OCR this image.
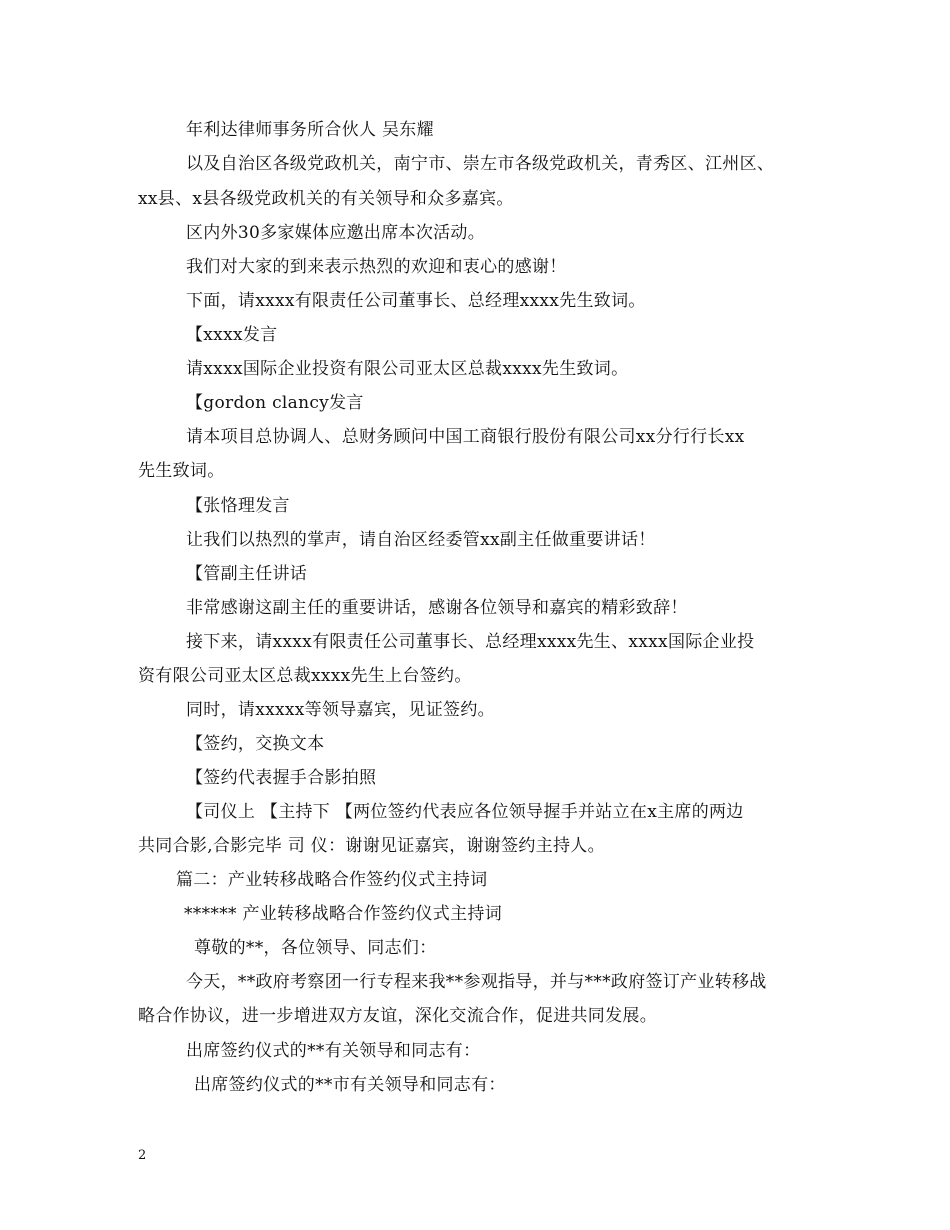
年利达律师事务所合伙人 吴东耀
以及自治区各级党政机关，南宁市、崇左市各级党政机关，青秀区、江州区、
xx县、x县各级党政机关的有关领导和众多嘉宾。
区内外30多家媒体应邀出席本次活动。
我们对大家的到来表示热烈的欢迎和衷心的感谢！
下面，请xxxx有限责任公司董事长、总经理xxxx先生致词。
【xxxx发言
请xxxx国际企业投资有限公司亚太区总裁xxxx先生致词。
【gordon clancy发言
请本项目总协调人、总财务顾问中国工商银行股份有限公司xx分行行长xx
先生致词。
【张恪理发言
让我们以热烈的掌声，请自治区经委管xx副主任做重要讲话！
【管副主任讲话
非常感谢这副主任的重要讲话，感谢各位领导和嘉宾的精彩致辞！
接下来，请xxxx有限责任公司董事长、总经理xxxx先生、xxxx国际企业投
资有限公司亚太区总裁xxxx先生上台签约。
同时，请xxxxx等领导嘉宾，见证签约。
【签约，交换文本
【签约代表握手合影拍照
【司仪上 【主持下 【两位签约代表应各位领导握手并站立在x主席的两边
共同合影,合影完毕 司 仪：谢谢见证嘉宾，谢谢签约主持人。
篇二：产业转移战略合作签约仪式主持词
****** 产业转移战略合作签约仪式主持词
尊敬的**，各位领导、同志们：
今天，**政府考察团一行专程来我**参观指导，并与***政府签订产业转移战
略合作协议，进一步增进双方友谊，深化交流合作，促进共同发展。
出席签约仪式的**有关领导和同志有：
出席签约仪式的**市有关领导和同志有：
2
